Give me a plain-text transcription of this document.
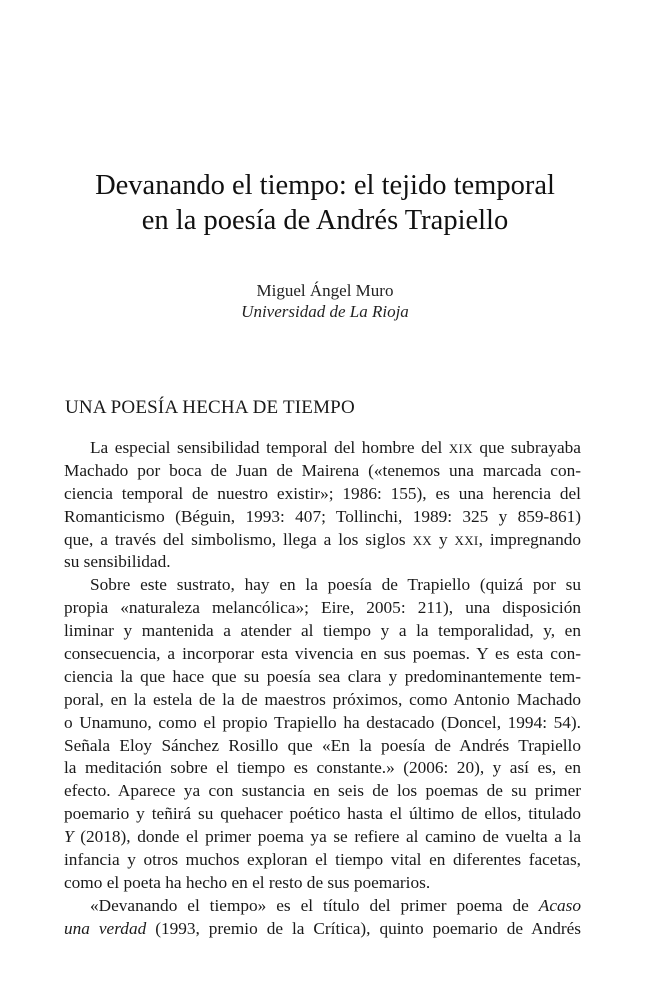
Devanando el tiempo: el tejido temporal
en la poesía de Andrés Trapiello

Miguel Ángel Muro

Universidad de La Rioja

UNA POESÍA HECHA DE TIEMPO
La especial sensibilidad temporal del hombre del XIX que subrayaba
Machado por boca de Juan de Mairena («tenemos una marcada con-
ciencia temporal de nuestro existir»; 1986: 155), es una herencia del
Romanticismo (Béguin, 1993: 407; Tollinchi, 1989: 325 y 859-861)
que, a través del simbolismo, llega a los siglos XX y XXI, impregnando
su sensibilidad.
Sobre este sustrato, hay en la poesía de Trapiello (quizá por su
propia «naturaleza melancólica»; Eire, 2005: 211), una disposición
liminar y mantenida a atender al tiempo y a la temporalidad, y, en
consecuencia, a incorporar esta vivencia en sus poemas. Y es esta con-
ciencia la que hace que su poesía sea clara y predominantemente tem-
poral, en la estela de la de maestros próximos, como Antonio Machado
o Unamuno, como el propio Trapiello ha destacado (Doncel, 1994: 54).
Señala Eloy Sánchez Rosillo que «En la poesía de Andrés Trapiello
la meditación sobre el tiempo es constante.» (2006: 20), y así es, en
efecto. Aparece ya con sustancia en seis de los poemas de su primer
poemario y teñirá su quehacer poético hasta el último de ellos, titulado
Y (2018), donde el primer poema ya se refiere al camino de vuelta a la
infancia y otros muchos exploran el tiempo vital en diferentes facetas,
como el poeta ha hecho en el resto de sus poemarios.
«Devanando el tiempo» es el título del primer poema de Acaso
una verdad (1993, premio de la Crítica), quinto poemario de Andrés
